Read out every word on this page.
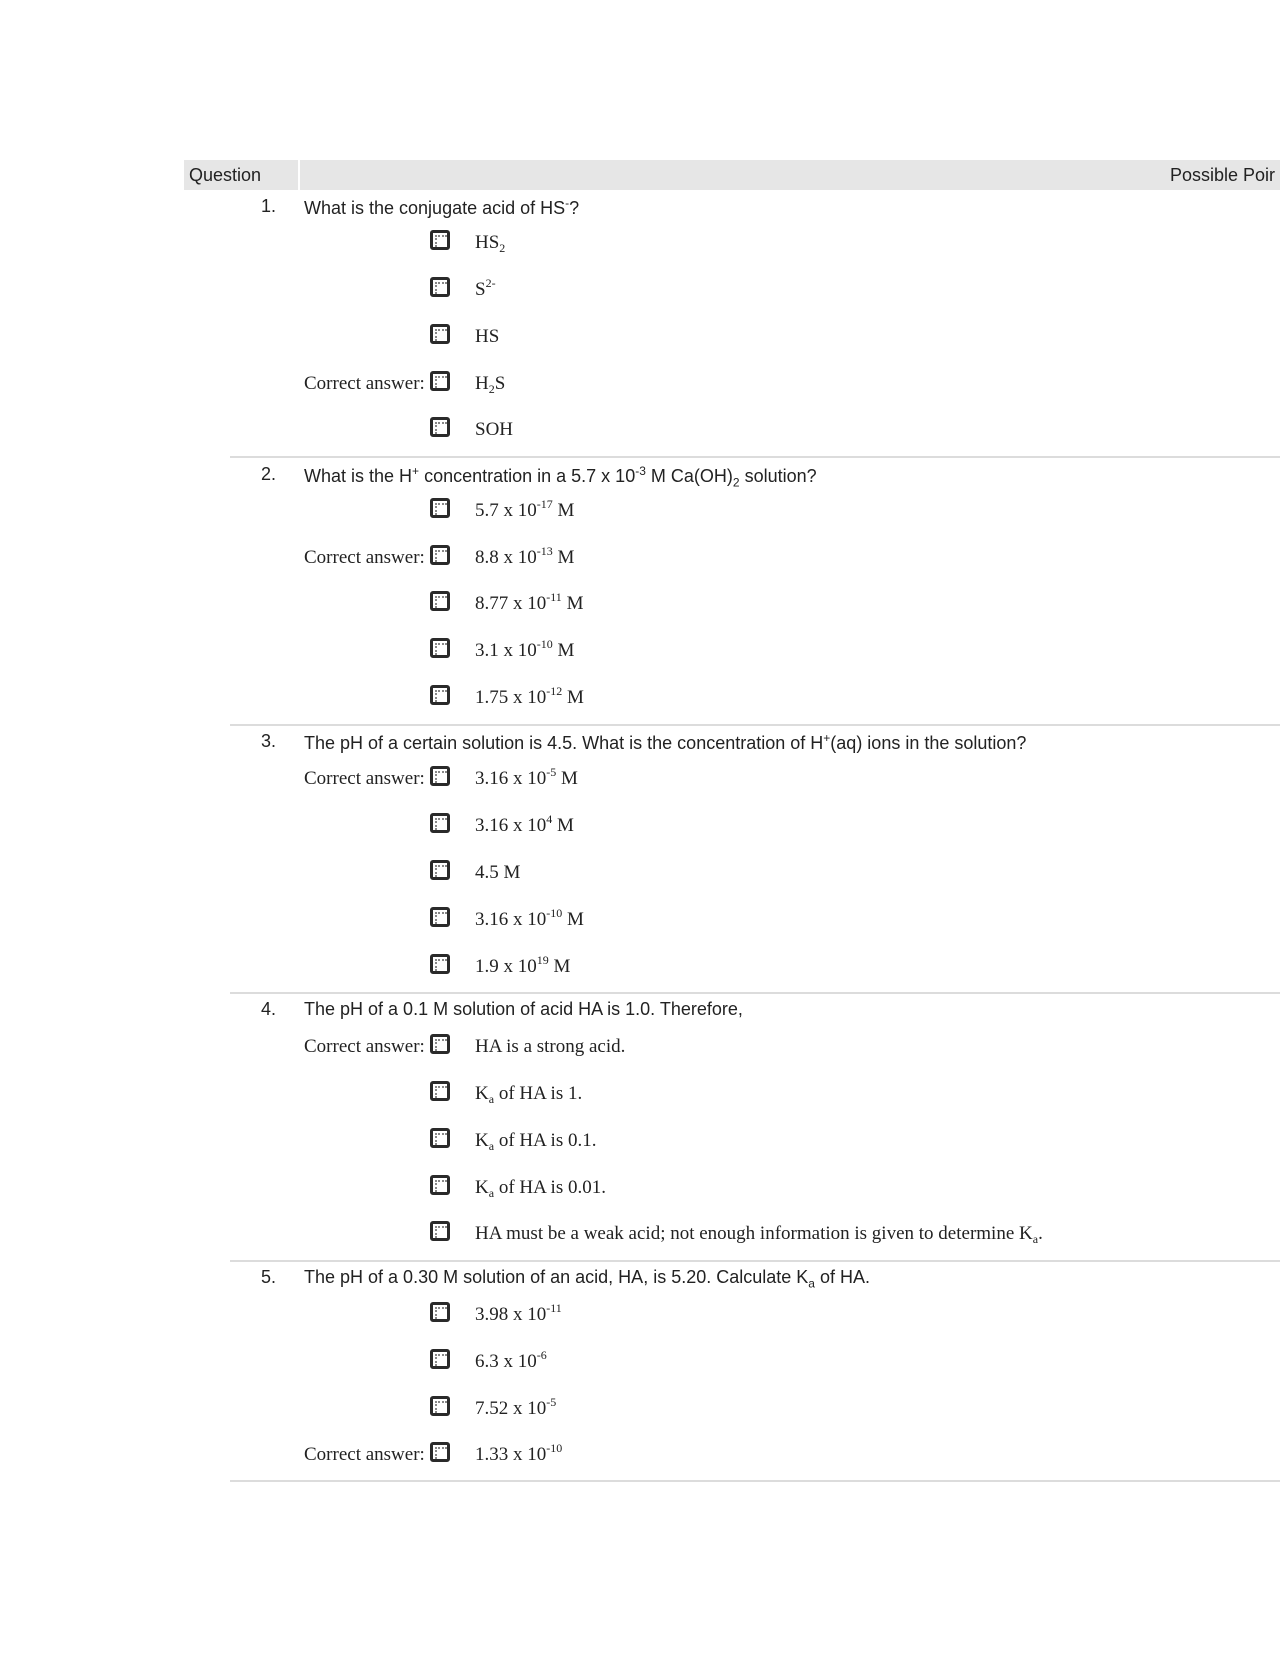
Question	Possible Poir
1. What is the conjugate acid of HS-?
$HS_2$
$S^{2-}$
HS
Correct answer:	$H_2S$
SOH
2. What is the H+ concentration in a 5.7 x $10^{-3}$ M $Ca(OH)_2$ solution?
5.7 x $10^{-17}$ M
Correct answer:	8.8 x $10^{-13}$ M
8.77 x $10^{-11}$ M
3.1 x $10^{-10}$ M
1.75 x $10^{-12}$ M
3. The pH of a certain solution is 4.5. What is the concentration of H+(aq) ions in the solution?
Correct answer:	3.16 x $10^{-5}$ M
3.16 x $10^4$ M
4.5 M
3.16 x $10^{-10}$ M
1.9 x $10^{19}$ M
4. The pH of a 0.1 M solution of acid HA is 1.0. Therefore,
Correct answer:	HA is a strong acid.
$K_a$ of HA is 1.
$K_a$ of HA is 0.1.
$K_a$ of HA is 0.01.
HA must be a weak acid; not enough information is given to determine $K_a$.
5. The pH of a 0.30 M solution of an acid, HA, is 5.20. Calculate $K_a$ of HA.
3.98 x $10^{-11}$
6.3 x $10^{-6}$
7.52 x $10^{-5}$
Correct answer:	1.33 x $10^{-10}$
